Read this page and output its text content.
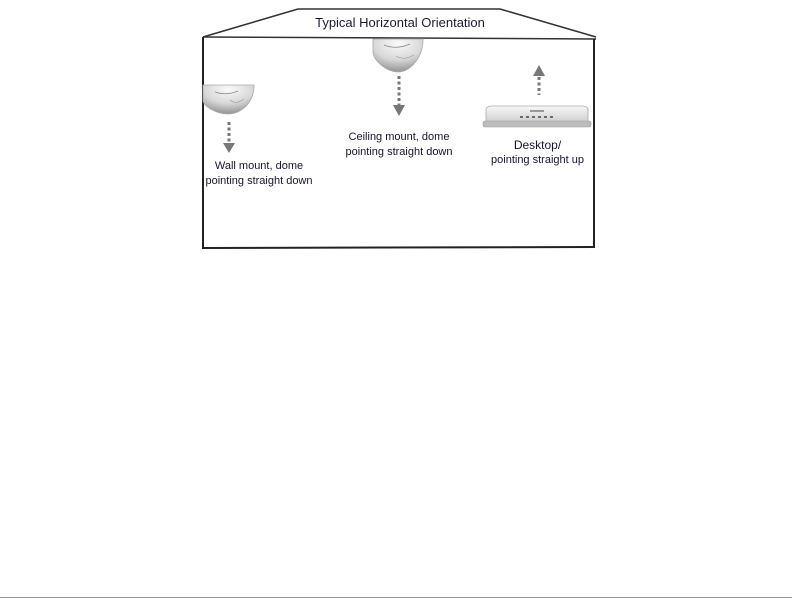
Typical Horizontal Orientation
Wall mount, dome
pointing straight down
Ceiling mount, dome
pointing straight down	Desktop/
pointing straight up
